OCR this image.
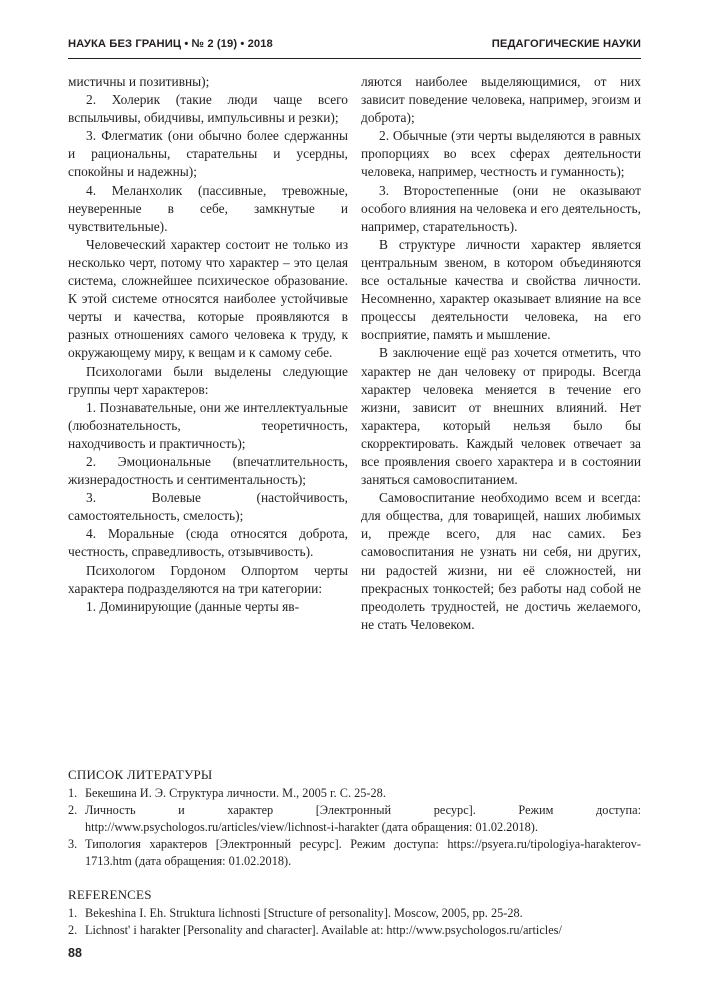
НАУКА БЕЗ ГРАНИЦ • № 2 (19) • 2018	ПЕДАГОГИЧЕСКИЕ НАУКИ

мистичны и позитивны);

2. Холерик (такие люди чаще всего вспыльчивы, обидчивы, импульсивны и резки);

3. Флегматик (они обычно более сдержанны и рациональны, старательны и усердны, спокойны и надежны);

4. Меланхолик (пассивные, тревожные, неуверенные в себе, замкнутые и чувствительные).

Человеческий характер состоит не только из несколько черт, потому что характер – это целая система, сложнейшее психическое образование. К этой системе относятся наиболее устойчивые черты и качества, которые проявляются в разных отношениях самого человека к труду, к окружающему миру, к вещам и к самому себе.

Психологами были выделены следующие группы черт характеров:

1. Познавательные, они же интеллектуальные (любознательность, теоретичность, находчивость и практичность);

2. Эмоциональные (впечатлительность, жизнерадостность и сентиментальность);

3. Волевые (настойчивость, самостоятельность, смелость);

4. Моральные (сюда относятся доброта, честность, справедливость, отзывчивость).

Психологом Гордоном Олпортом черты характера подразделяются на три категории:

1. Доминирующие (данные черты яв-

ляются наиболее выделяющимися, от них зависит поведение человека, например, эгоизм и доброта);

2. Обычные (эти черты выделяются в равных пропорциях во всех сферах деятельности человека, например, честность и гуманность);

3. Второстепенные (они не оказывают особого влияния на человека и его деятельность, например, старательность).

В структуре личности характер является центральным звеном, в котором объединяются все остальные качества и свойства личности. Несомненно, характер оказывает влияние на все процессы деятельности человека, на его восприятие, память и мышление.

В заключение ещё раз хочется отметить, что характер не дан человеку от природы. Всегда характер человека меняется в течение его жизни, зависит от внешних влияний. Нет характера, который нельзя было бы скорректировать. Каждый человек отвечает за все проявления своего характера и в состоянии заняться самовоспитанием.

Самовоспитание необходимо всем и всегда: для общества, для товарищей, наших любимых и, прежде всего, для нас самих. Без самовоспитания не узнать ни себя, ни других, ни радостей жизни, ни её сложностей, ни прекрасных тонкостей; без работы над собой не преодолеть трудностей, не достичь желаемого, не стать Человеком.

СПИСОК ЛИТЕРАТУРЫ

1. Бекешина И. Э. Структура личности. М., 2005 г. С. 25-28.
2. Личность и характер [Электронный ресурс]. Режим доступа: http://www.psychologos.ru/articles/view/lichnost-i-harakter (дата обращения: 01.02.2018).
3. Типология характеров [Электронный ресурс]. Режим доступа: https://psyera.ru/tipologiya-harakterov-1713.htm (дата обращения: 01.02.2018).

REFERENCES

1. Bekeshina I. Eh. Struktura lichnosti [Structure of personality]. Moscow, 2005, pp. 25-28.
2. Lichnost' i harakter [Personality and character]. Available at: http://www.psychologos.ru/articles/
88
